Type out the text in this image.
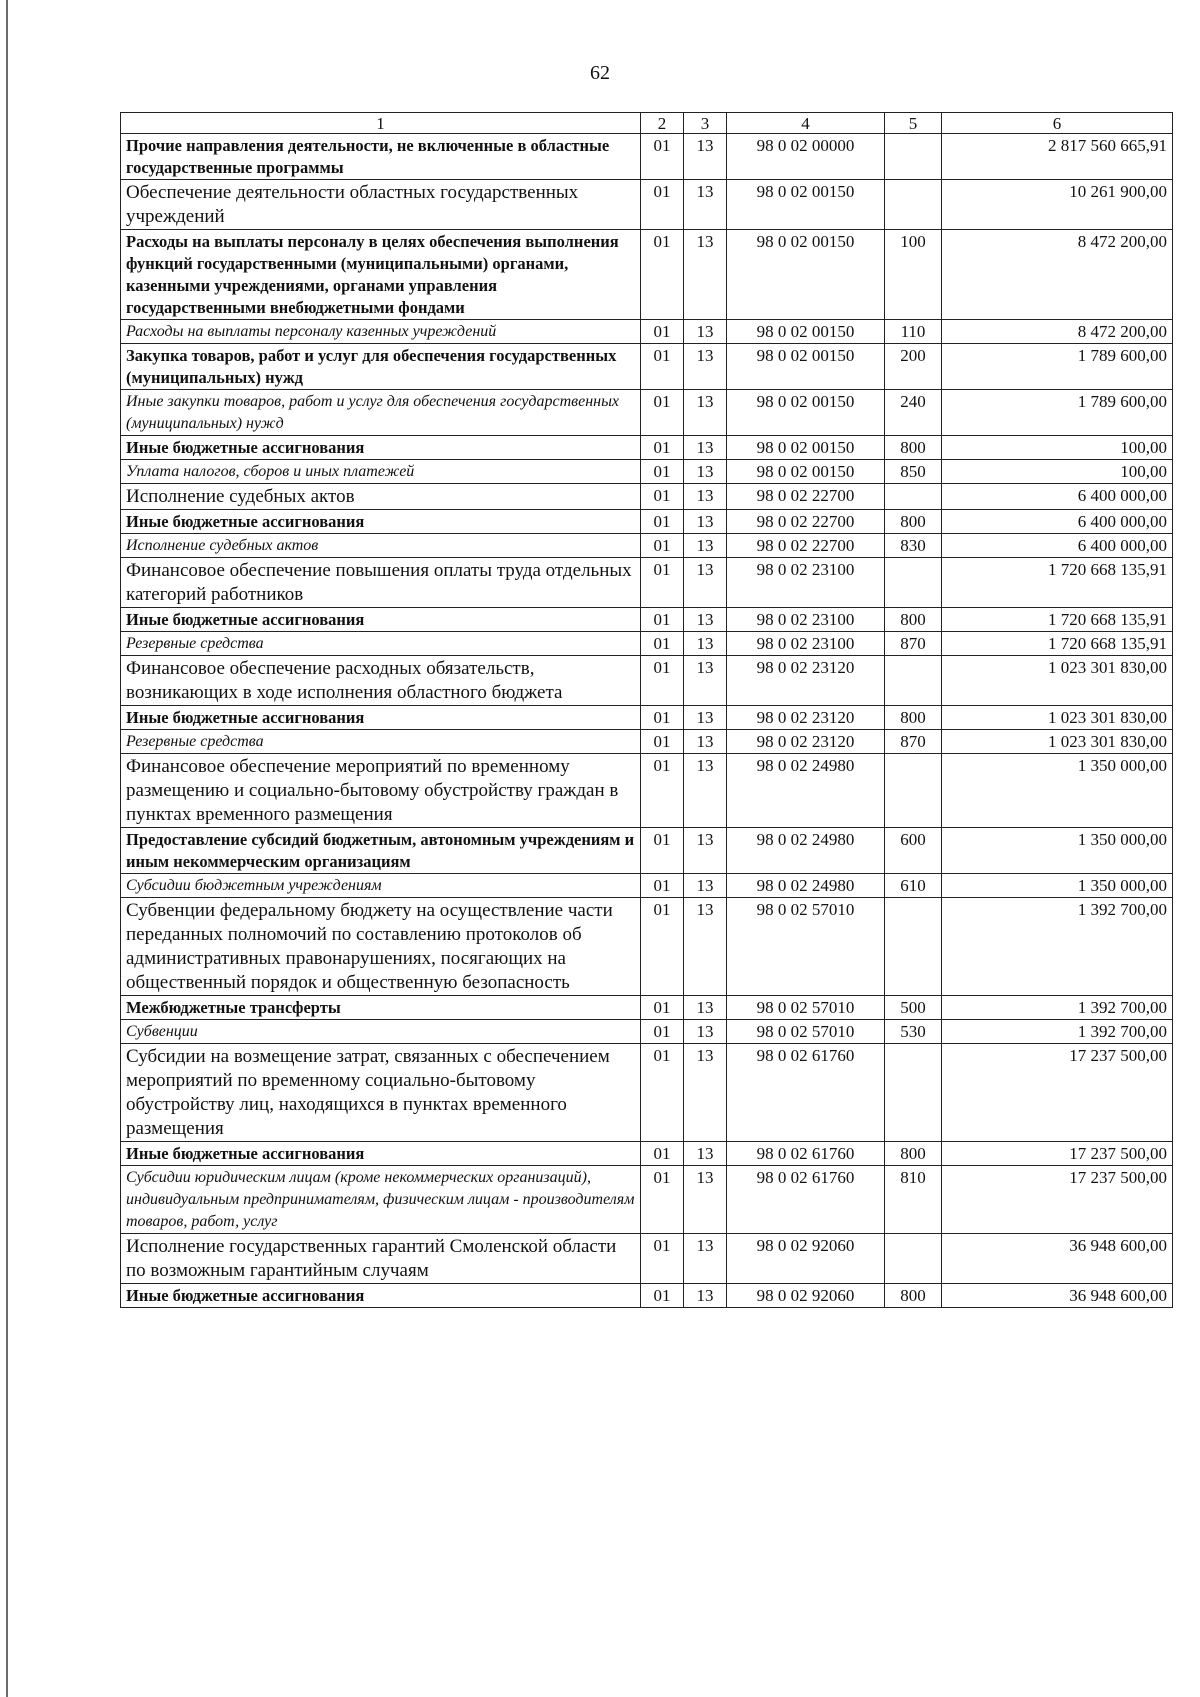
62
1	2	3	4	5	6
Прочие направления деятельности, не включенные в областные государственные программы	01	13	98 0 02 00000		2 817 560 665,91
Обеспечение деятельности областных государственных учреждений	01	13	98 0 02 00150		10 261 900,00
Расходы на выплаты персоналу в целях обеспечения выполнения функций государственными (муниципальными) органами, казенными учреждениями, органами управления государственными внебюджетными фондами	01	13	98 0 02 00150	100	8 472 200,00
Расходы на выплаты персоналу казенных учреждений	01	13	98 0 02 00150	110	8 472 200,00
Закупка товаров, работ и услуг для обеспечения государственных (муниципальных) нужд	01	13	98 0 02 00150	200	1 789 600,00
Иные закупки товаров, работ и услуг для обеспечения государственных (муниципальных) нужд	01	13	98 0 02 00150	240	1 789 600,00
Иные бюджетные ассигнования	01	13	98 0 02 00150	800	100,00
Уплата налогов, сборов и иных платежей	01	13	98 0 02 00150	850	100,00
Исполнение судебных актов	01	13	98 0 02 22700		6 400 000,00
Иные бюджетные ассигнования	01	13	98 0 02 22700	800	6 400 000,00
Исполнение судебных актов	01	13	98 0 02 22700	830	6 400 000,00
Финансовое обеспечение повышения оплаты труда отдельных категорий работников	01	13	98 0 02 23100		1 720 668 135,91
Иные бюджетные ассигнования	01	13	98 0 02 23100	800	1 720 668 135,91
Резервные средства	01	13	98 0 02 23100	870	1 720 668 135,91
Финансовое обеспечение расходных обязательств, возникающих в ходе исполнения областного бюджета	01	13	98 0 02 23120		1 023 301 830,00
Иные бюджетные ассигнования	01	13	98 0 02 23120	800	1 023 301 830,00
Резервные средства	01	13	98 0 02 23120	870	1 023 301 830,00
Финансовое обеспечение мероприятий по временному размещению и социально-бытовому обустройству граждан в пунктах временного размещения	01	13	98 0 02 24980		1 350 000,00
Предоставление субсидий бюджетным, автономным учреждениям и иным некоммерческим организациям	01	13	98 0 02 24980	600	1 350 000,00
Субсидии бюджетным учреждениям	01	13	98 0 02 24980	610	1 350 000,00
Субвенции федеральному бюджету на осуществление части переданных полномочий по составлению протоколов об административных правонарушениях, посягающих на общественный порядок и общественную безопасность	01	13	98 0 02 57010		1 392 700,00
Межбюджетные трансферты	01	13	98 0 02 57010	500	1 392 700,00
Субвенции	01	13	98 0 02 57010	530	1 392 700,00
Субсидии на возмещение затрат, связанных с обеспечением мероприятий по временному социально-бытовому обустройству лиц, находящихся в пунктах временного размещения	01	13	98 0 02 61760		17 237 500,00
Иные бюджетные ассигнования	01	13	98 0 02 61760	800	17 237 500,00
Субсидии юридическим лицам (кроме некоммерческих организаций), индивидуальным предпринимателям, физическим лицам - производителям товаров, работ, услуг	01	13	98 0 02 61760	810	17 237 500,00
Исполнение государственных гарантий Смоленской области по возможным гарантийным случаям	01	13	98 0 02 92060		36 948 600,00
Иные бюджетные ассигнования	01	13	98 0 02 92060	800	36 948 600,00
